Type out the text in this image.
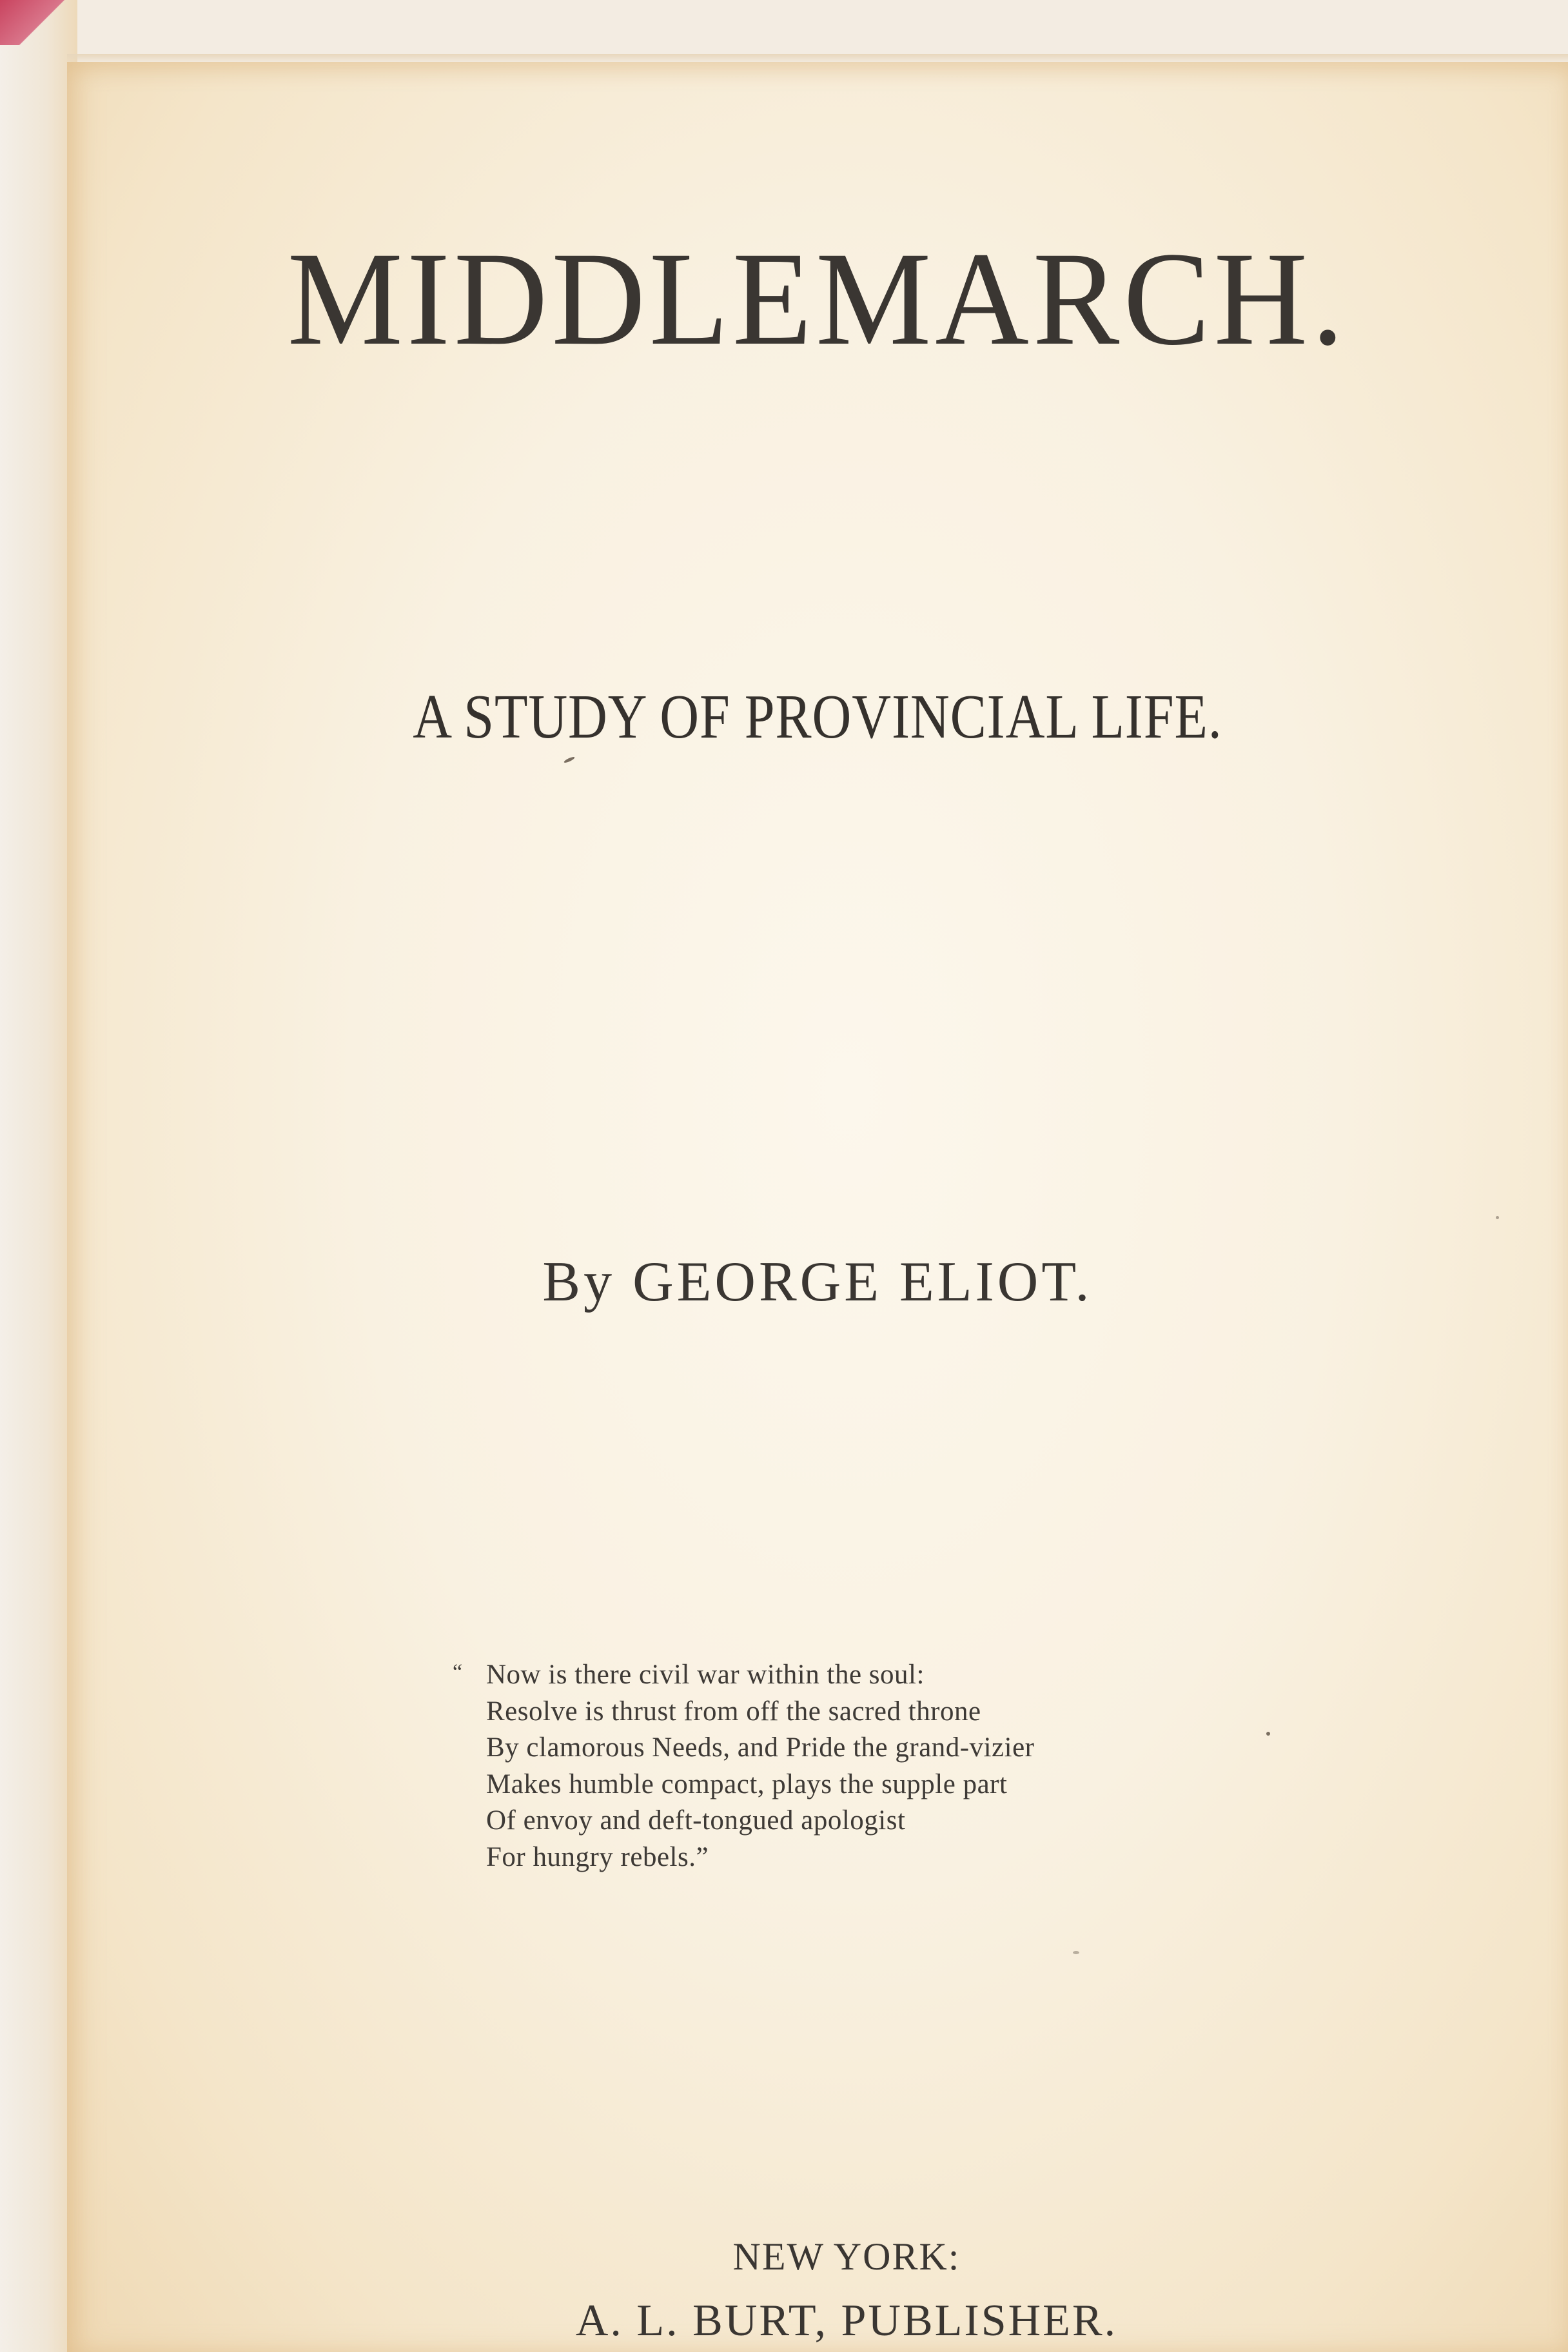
MIDDLEMARCH.
A STUDY OF PROVINCIAL LIFE.
By GEORGE ELIOT.
“ Now is there civil war within the soul:
Resolve is thrust from off the sacred throne
By clamorous Needs, and Pride the grand-vizier
Makes humble compact, plays the supple part
Of envoy and deft-tongued apologist
For hungry rebels.”
NEW YORK:
A. L. BURT, PUBLISHER.
